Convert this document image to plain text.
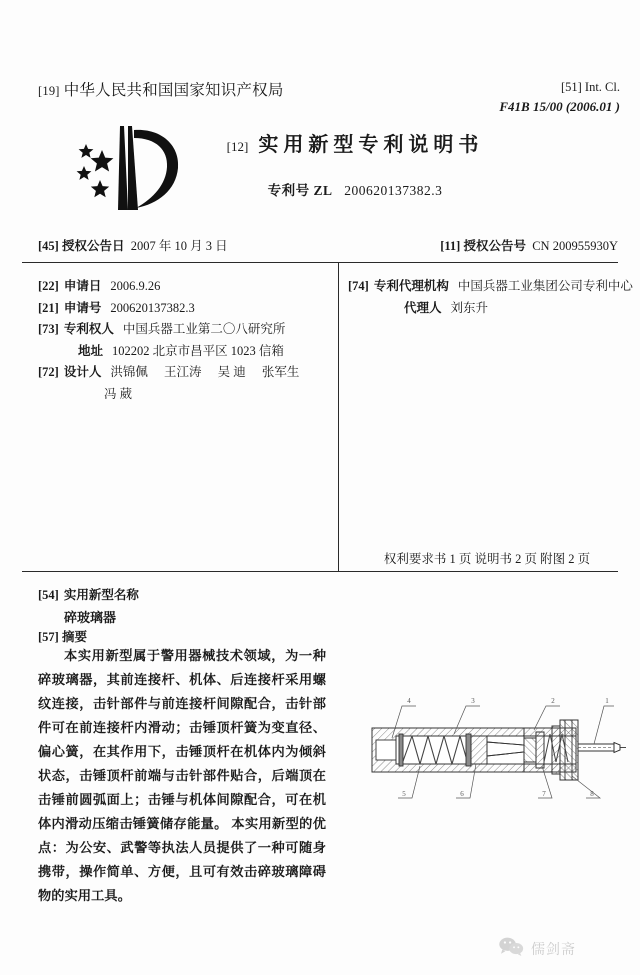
[19] 中华人民共和国国家知识产权局	[51] Int. Cl.
F41B 15/00 (2006.01 )
[12] 实用新型专利说明书
专利号 ZL 200620137382.3
[45] 授权公告日 2007 年 10 月 3 日	[11] 授权公告号 CN 200955930Y
[22] 申请日 2006.9.26
[21] 申请号 200620137382.3
[73] 专利权人 中国兵器工业第二〇八研究所
地址 102202 北京市昌平区 1023 信箱
[72] 设计人 洪锦佩 王江涛 吴 迪 张军生
冯 葳
[74] 专利代理机构 中国兵器工业集团公司专利中心
代理人 刘东升
权利要求书 1 页 说明书 2 页 附图 2 页
[54] 实用新型名称
碎玻璃器
[57] 摘要
本实用新型属于警用器械技术领域，为一种碎玻璃器，其前连接杆、机体、后连接杆采用螺纹连接，击针部件与前连接杆间隙配合，击针部件可在前连接杆内滑动；击锤顶杆簧为变直径、偏心簧，在其作用下，击锤顶杆在机体内为倾斜状态，击锤顶杆前端与击针部件贴合，后端顶在击锤前圆弧面上；击锤与机体间隙配合，可在机体内滑动压缩击锤簧储存能量。 本实用新型的优点：为公安、武警等执法人员提供了一种可随身携带，操作简单、方便，且可有效击碎玻璃障碍物的实用工具。
4	3	2	1
5	6	7	8
儒剑斋
